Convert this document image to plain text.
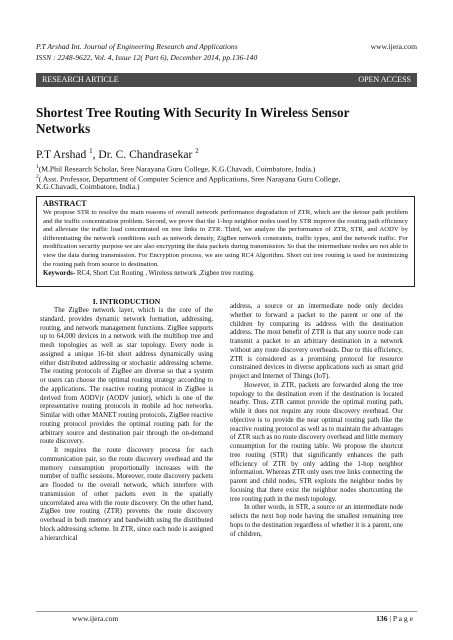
P.T Arshad Int. Journal of Engineering Research and Applications
ISSN : 2248-9622, Vol. 4, Issue 12( Part 6), December 2014, pp.136-140
www.ijera.com
RESEARCH ARTICLE	OPEN ACCESS
Shortest Tree Routing With Security In Wireless Sensor
Networks
P.T Arshad $^1$, Dr. C. Chandrasekar $^2$
$^1$(M.Phil Research Scholar, Sree Narayana Guru College, K.G.Chavadi, Coimbatore, India.)
$^2$( Asst. Professor, Department of Computer Science and Applications, Sree Narayana Guru College,
K.G.Chavadi, Coimbatore, India.)
ABSTRACT
We propose STR to resolve the main reasons of overall network performance degradation of ZTR, which are the detour path problem and the traffic concentration problem. Second, we prove that the 1-hop neighbor nodes used by STR improve the routing path efficiency and alleviate the traffic load concentrated on tree links in ZTR. Third, we analyze the performance of ZTR, STR, and AODV by differentiating the network conditions such as network density, ZigBee network constraints, traffic types, and the network traffic. For modification security purpose we are also encrypting the data packets during transmission. So that the intermediate nodes are not able to view the data during transmission. For Encryption process, we are using RC4 Algorithm. Short cut tree routing is used for minimizing the routing path from source to destination.
Keywords- RC4, Short Cut Routing , Wireless network ,Zigbee tree routing.

I. INTRODUCTION

The ZigBee network layer, which is the core of the standard, provides dynamic network formation, addressing, routing, and network management functions. ZigBee supports up to 64,000 devices in a network with the multihop tree and mesh topologies as well as star topology. Every node is assigned a unique 16-bit short address dynamically using either distributed addressing or stochastic addressing scheme. The routing protocols of ZigBee are diverse so that a system or users can choose the optimal routing strategy according to the applications. The reactive routing protocol in ZigBee is derived from AODVjr (AODV junior), which is one of the representative routing protocols in mobile ad hoc networks. Similar with other MANET routing protocols, ZigBee reactive routing protocol provides the optimal routing path for the arbitrary source and destination pair through the on-demand route discovery.

It requires the route discovery process for each communication pair, so the route discovery overhead and the memory consumption proportionally increases with the number of traffic sessions. Moreover, route discovery packets are flooded to the overall network, which interfere with transmission of other packets even in the spatially uncorrelated area with the route discovery. On the other hand, ZigBee tree routing (ZTR) prevents the route discovery overhead in both memory and bandwidth using the distributed block addressing scheme. In ZTR, since each node is assigned a hierarchical

address, a source or an intermediate node only decides whether to forward a packet to the parent or one of the children by comparing its address with the destination address. The most benefit of ZTR is that any source node can transmit a packet to an arbitrary destination in a network without any route discovery overheads. Due to this efficiency, ZTR is considered as a promising protocol for resource constrained devices in diverse applications such as smart grid project and Internet of Things (IoT).

However, in ZTR, packets are forwarded along the tree topology to the destination even if the destination is located nearby. Thus, ZTR cannot provide the optimal routing path, while it does not require any route discovery overhead. Our objective is to provide the near optimal routing path like the reactive routing protocol as well as to maintain the advantages of ZTR such as no route discovery overhead and little memory consumption for the routing table. We propose the shortcut tree routing (STR) that significantly enhances the path efficiency of ZTR by only adding the 1-hop neighbor information. Whereas ZTR only uses tree links connecting the parent and child nodes, STR exploits the neighbor nodes by focusing that there exist the neighbor nodes shortcutting the tree routing path in the mesh topology.

In other words, in STR, a source or an intermediate node selects the next hop node having the smallest remaining tree hops to the destination regardless of whether it is a parent, one of children,

www.ijera.com	136 | P a g e
